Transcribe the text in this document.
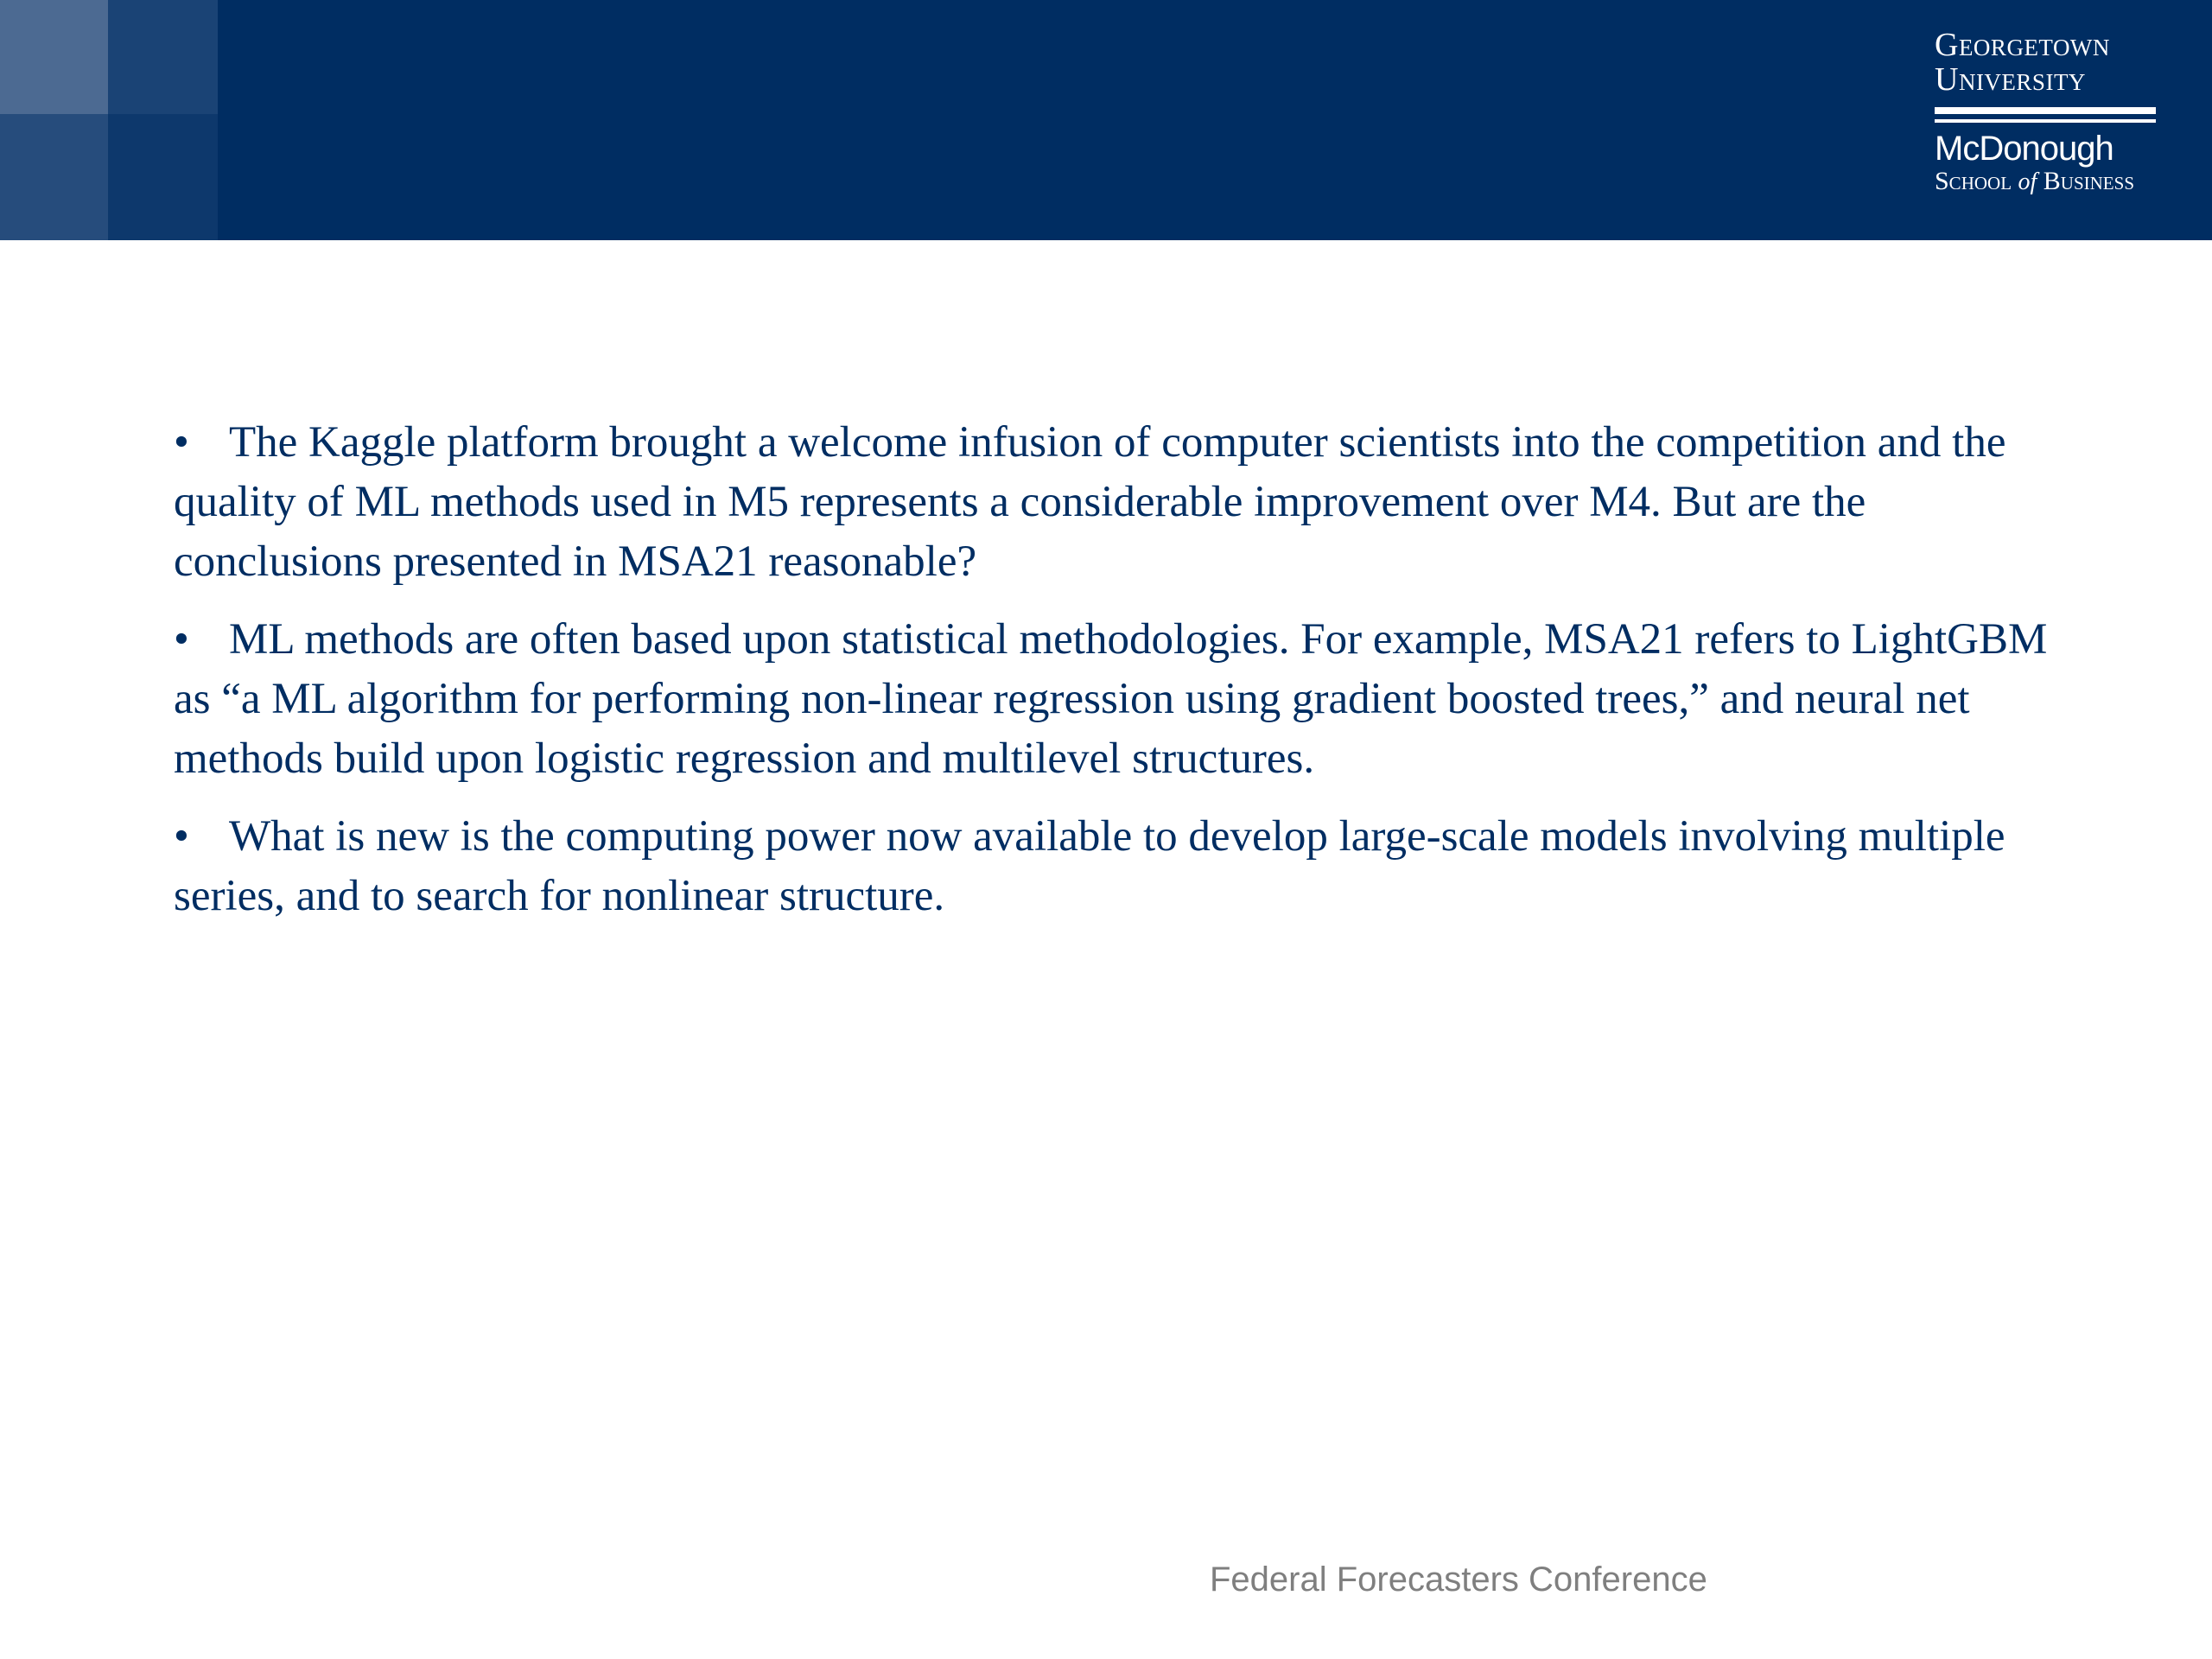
Georgetown
University
McDonough
School of Business

• The Kaggle platform brought a welcome infusion of computer scientists into the competition and the quality of ML methods used in M5 represents a considerable improvement over M4. But are the conclusions presented in MSA21 reasonable?

• ML methods are often based upon statistical methodologies. For example, MSA21 refers to LightGBM as “a ML algorithm for performing non-linear regression using gradient boosted trees,” and neural net methods build upon logistic regression and multilevel structures.

• What is new is the computing power now available to develop large-scale models involving multiple series, and to search for nonlinear structure.

Federal Forecasters Conference
